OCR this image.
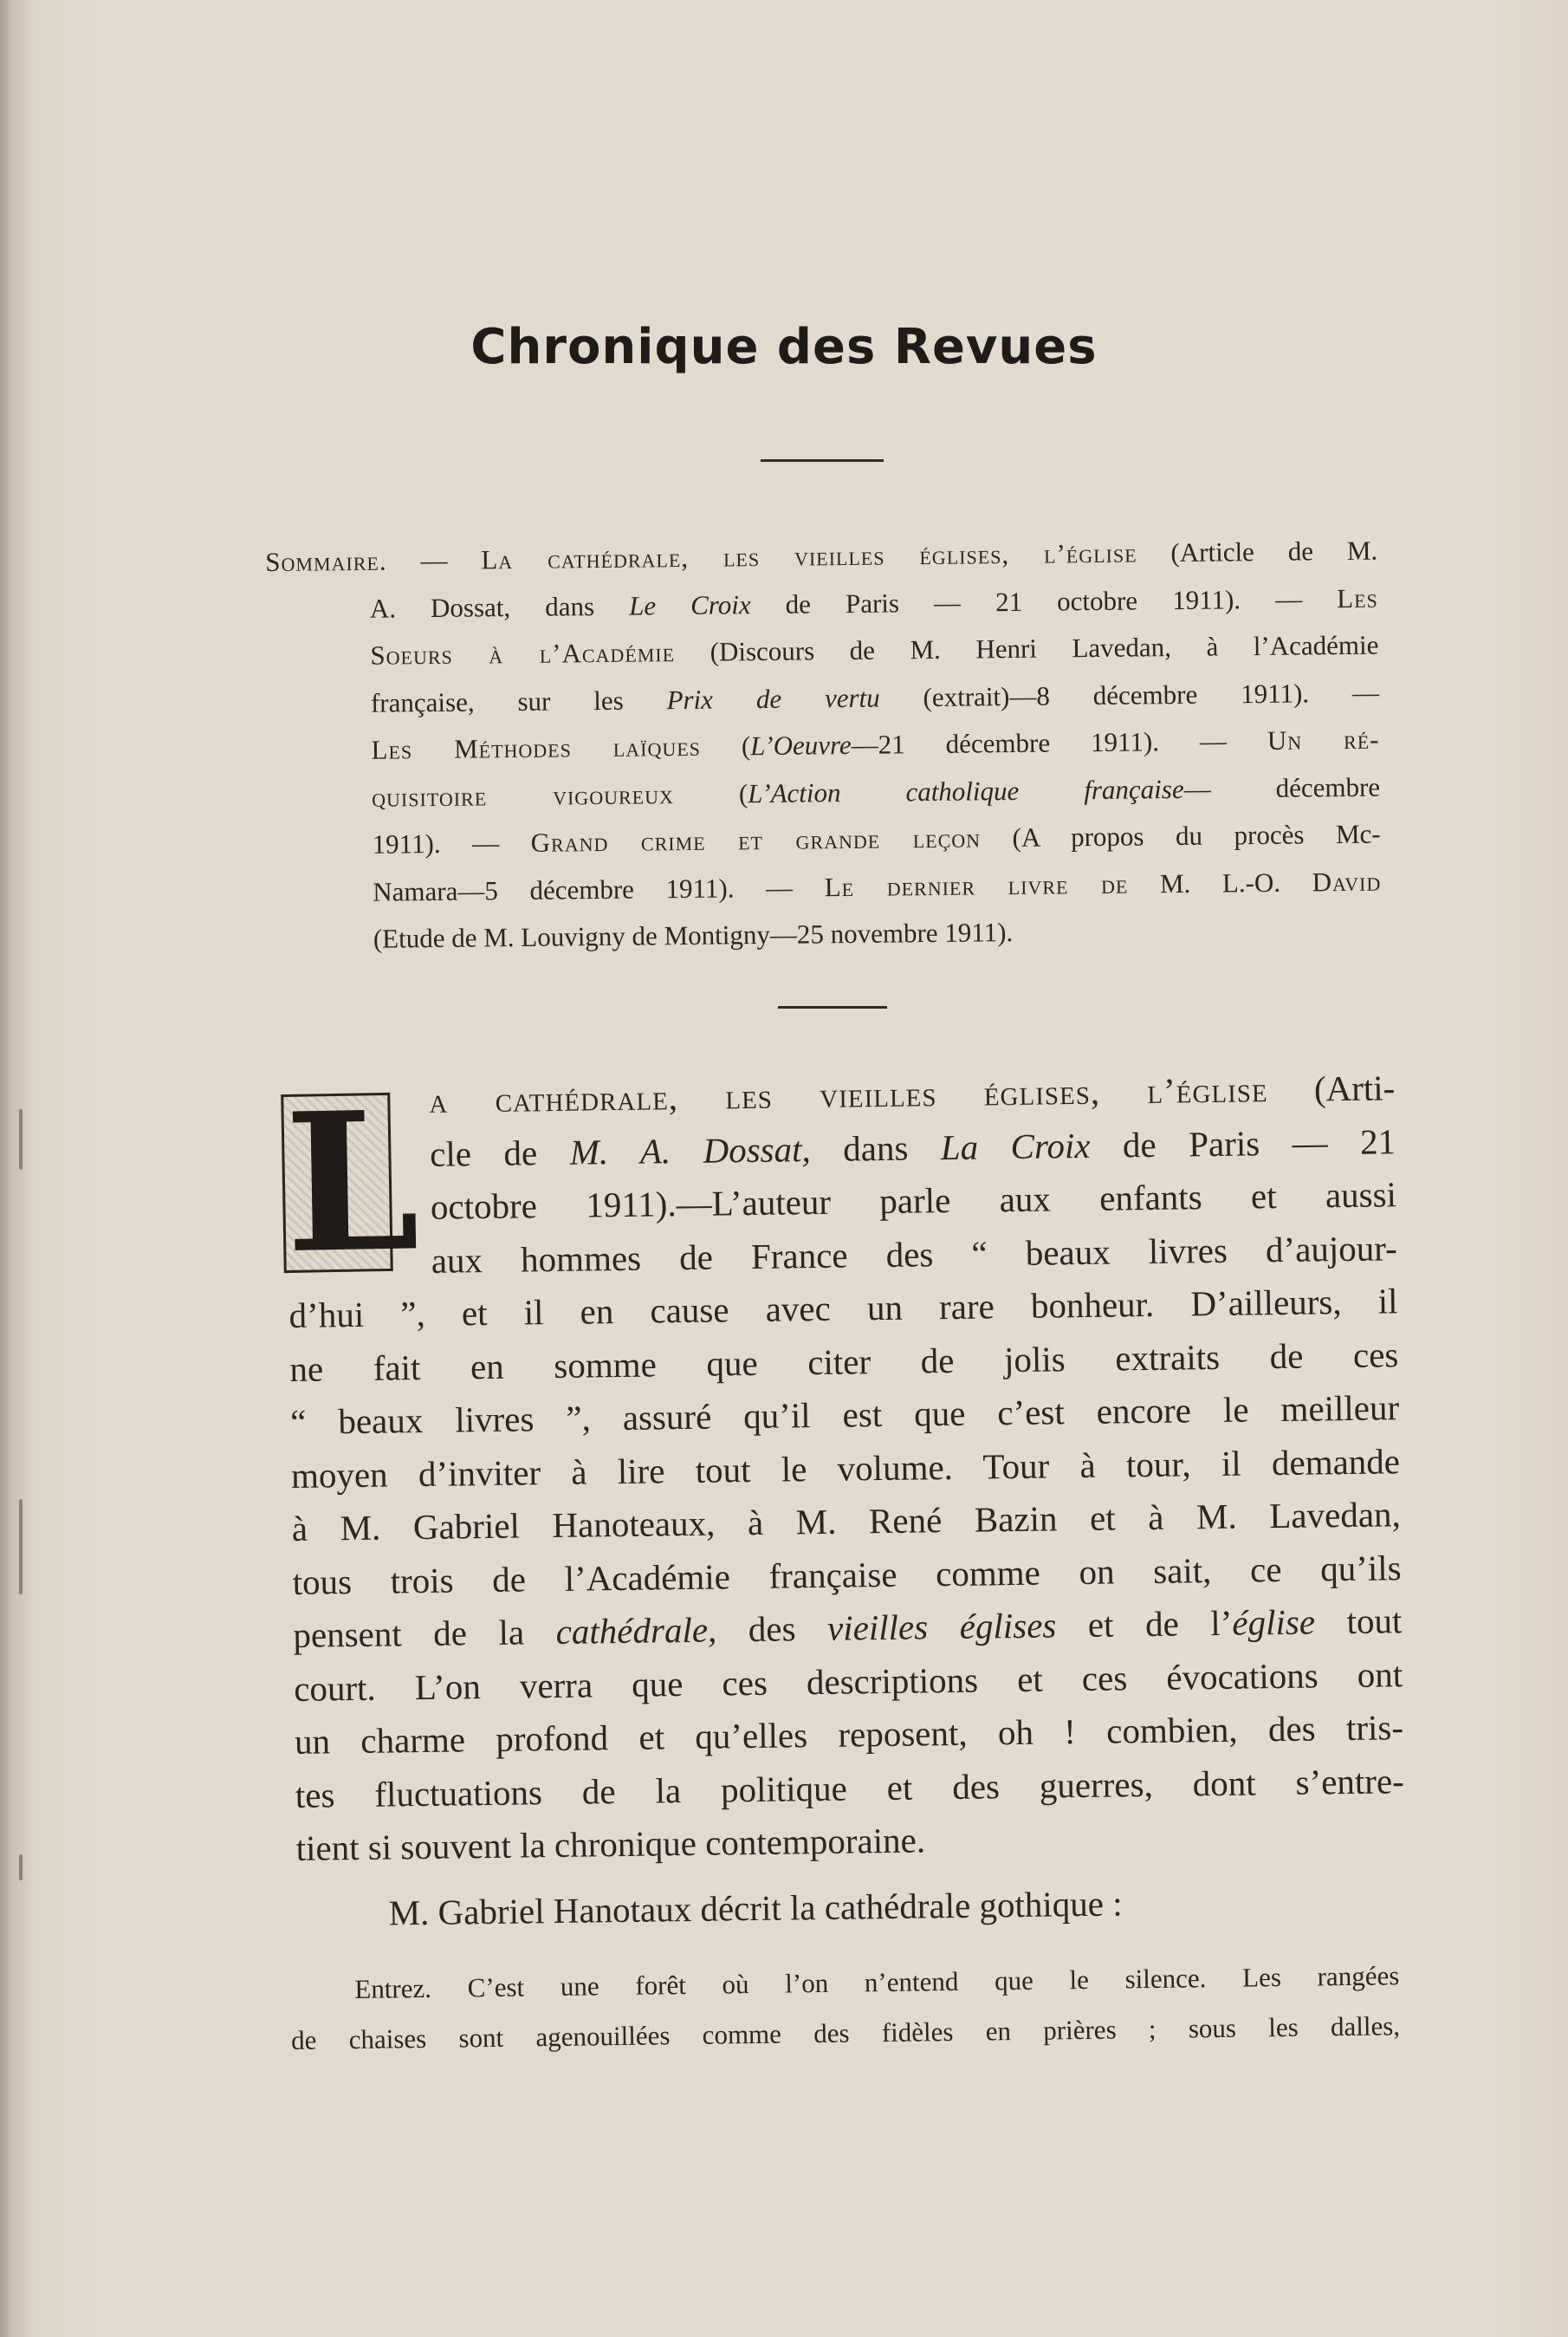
Chronique des Revues
Sommaire. — La cathédrale, les vieilles églises, l’église (Article de M.
A. Dossat, dans Le Croix de Paris — 21 octobre 1911). — Les
Soeurs à l’Académie (Discours de M. Henri Lavedan, à l’Académie
française, sur les Prix de vertu (extrait)—8 décembre 1911). —
Les Méthodes laïques (L’Oeuvre—21 décembre 1911). — Un ré-
quisitoire vigoureux (L’Action catholique française— décembre
1911). — Grand crime et grande leçon (A propos du procès Mc-
Namara—5 décembre 1911). — Le dernier livre de M. L.-O. David
(Etude de M. Louvigny de Montigny—25 novembre 1911).
L a cathédrale, les vieilles églises, l’église (Arti-
cle de M. A. Dossat, dans La Croix de Paris — 21
octobre 1911).—L’auteur parle aux enfants et aussi
aux hommes de France des “ beaux livres d’aujour-
d’hui ”, et il en cause avec un rare bonheur. D’ailleurs, il
ne fait en somme que citer de jolis extraits de ces
“ beaux livres ”, assuré qu’il est que c’est encore le meilleur
moyen d’inviter à lire tout le volume. Tour à tour, il demande
à M. Gabriel Hanoteaux, à M. René Bazin et à M. Lavedan,
tous trois de l’Académie française comme on sait, ce qu’ils
pensent de la cathédrale, des vieilles églises et de l’église tout
court. L’on verra que ces descriptions et ces évocations ont
un charme profond et qu’elles reposent, oh ! combien, des tris-
tes fluctuations de la politique et des guerres, dont s’entre-
tient si souvent la chronique contemporaine.
M. Gabriel Hanotaux décrit la cathédrale gothique :
Entrez. C’est une forêt où l’on n’entend que le silence. Les rangées
de chaises sont agenouillées comme des fidèles en prières ; sous les dalles,
